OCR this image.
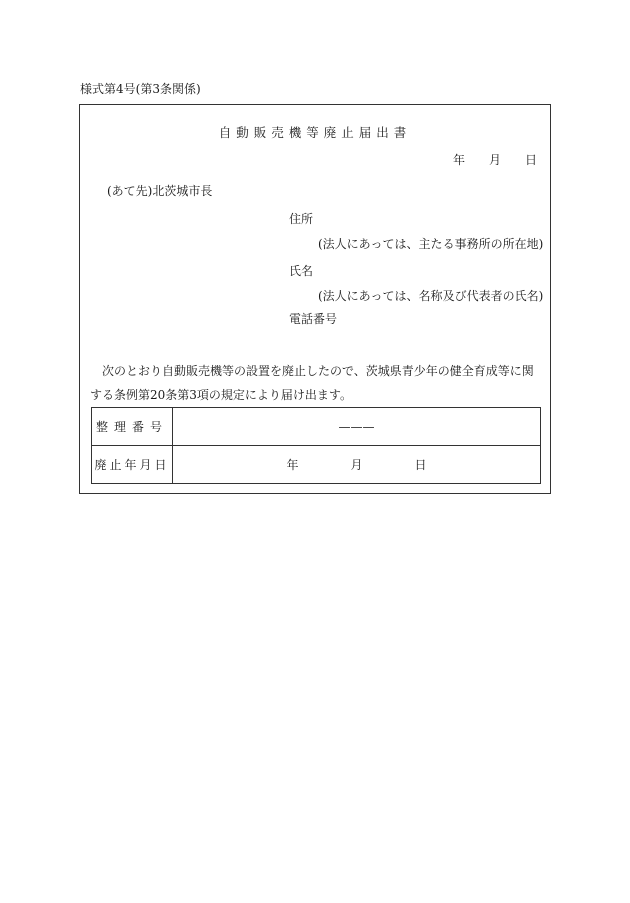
様式第4号(第3条関係)
自動販売機等廃止届出書
年 月 日
(あて先)北茨城市長
住所
(法人にあっては、主たる事務所の所在地)
氏名
(法人にあっては、名称及び代表者の氏名)
電話番号
次のとおり自動販売機等の設置を廃止したので、茨城県青少年の健全育成等に関する条例第20条第3項の規定により届け出ます。
整理番号	———
廃止年月日	年 月 日
